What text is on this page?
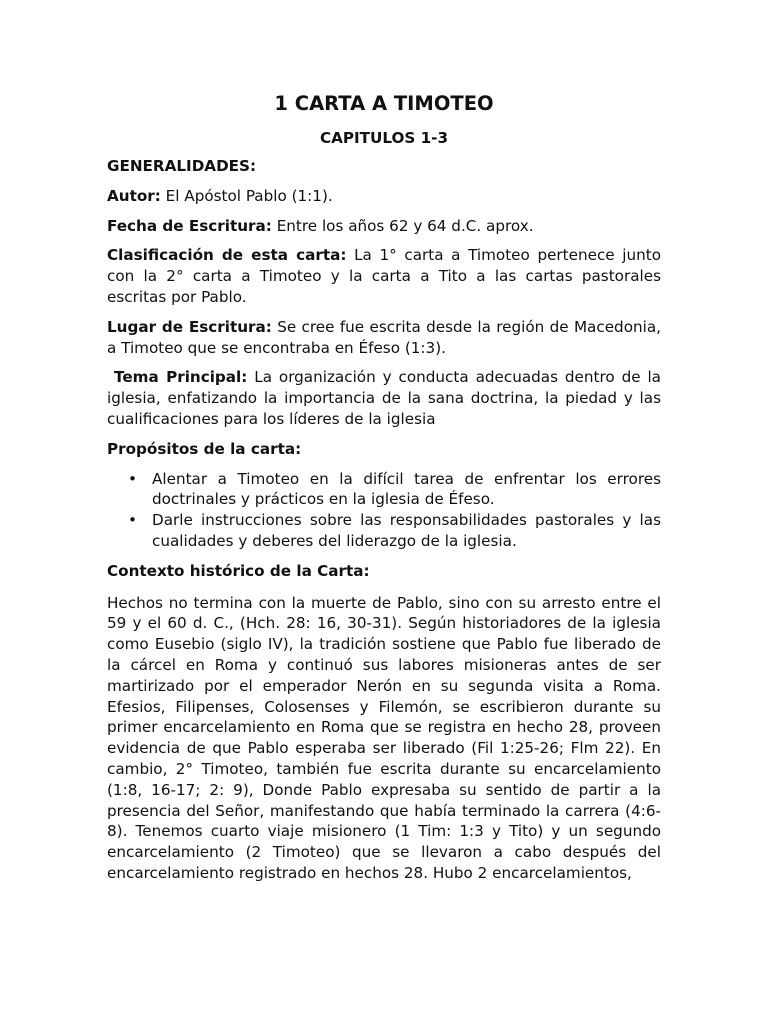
1 CARTA A TIMOTEO
CAPITULOS 1-3

GENERALIDADES:

Autor: El Apóstol Pablo (1:1).

Fecha de Escritura: Entre los años 62 y 64 d.C. aprox.

Clasificación de esta carta: La 1° carta a Timoteo pertenece junto con la 2° carta a Timoteo y la carta a Tito a las cartas pastorales escritas por Pablo.

Lugar de Escritura: Se cree fue escrita desde la región de Macedonia, a Timoteo que se encontraba en Éfeso (1:3).

Tema Principal: La organización y conducta adecuadas dentro de la iglesia, enfatizando la importancia de la sana doctrina, la piedad y las cualificaciones para los líderes de la iglesia

Propósitos de la carta:

• Alentar a Timoteo en la difícil tarea de enfrentar los errores doctrinales y prácticos en la iglesia de Éfeso.
• Darle instrucciones sobre las responsabilidades pastorales y las cualidades y deberes del liderazgo de la iglesia.

Contexto histórico de la Carta:

Hechos no termina con la muerte de Pablo, sino con su arresto entre el 59 y el 60 d. C., (Hch. 28: 16, 30-31). Según historiadores de la iglesia como Eusebio (siglo IV), la tradición sostiene que Pablo fue liberado de la cárcel en Roma y continuó sus labores misioneras antes de ser martirizado por el emperador Nerón en su segunda visita a Roma. Efesios, Filipenses, Colosenses y Filemón, se escribieron durante su primer encarcelamiento en Roma que se registra en hecho 28, proveen evidencia de que Pablo esperaba ser liberado (Fil 1:25-26; Flm 22). En cambio, 2° Timoteo, también fue escrita durante su encarcelamiento (1:8, 16-17; 2: 9), Donde Pablo expresaba su sentido de partir a la presencia del Señor, manifestando que había terminado la carrera (4:6-8). Tenemos cuarto viaje misionero (1 Tim: 1:3 y Tito) y un segundo encarcelamiento (2 Timoteo) que se llevaron a cabo después del encarcelamiento registrado en hechos 28. Hubo 2 encarcelamientos,
